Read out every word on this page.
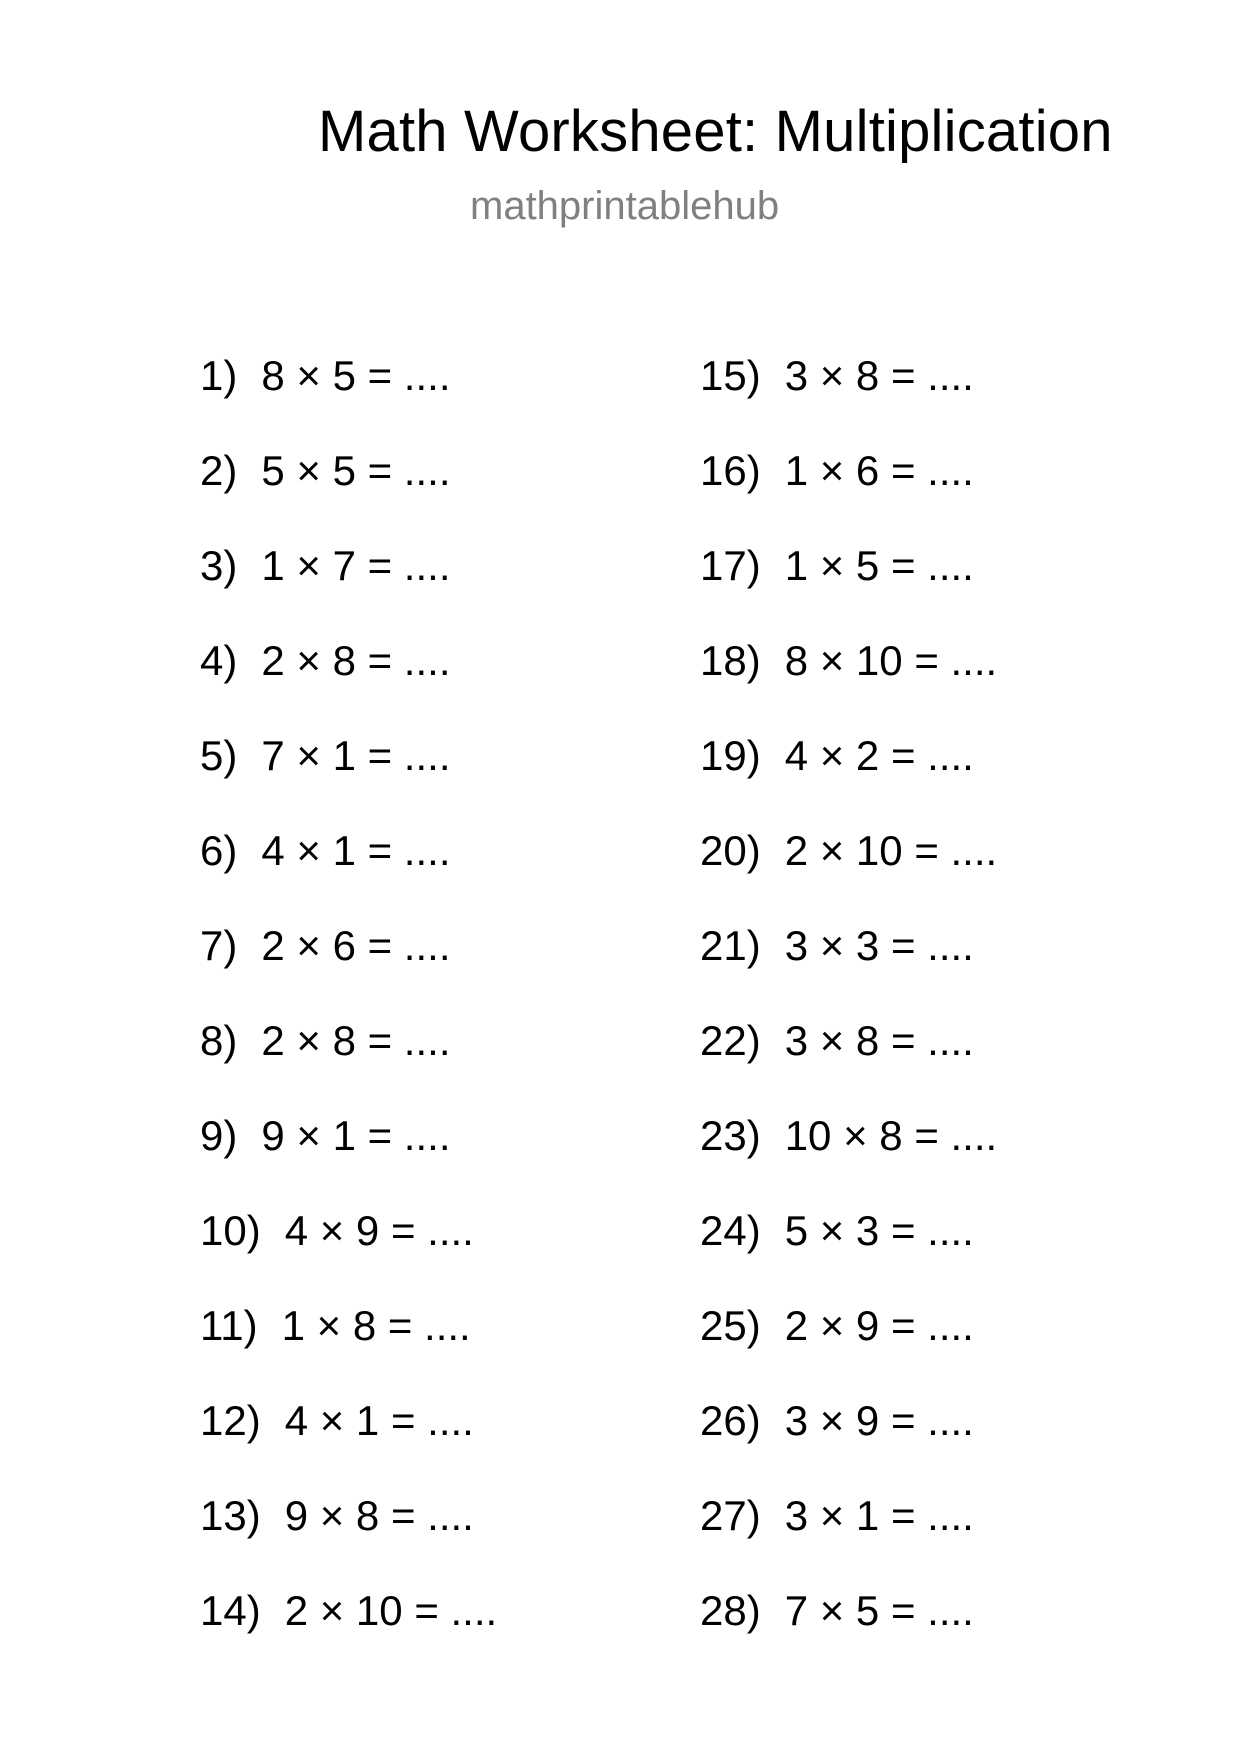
Math Worksheet: Multiplication
mathprintablehub
1) 8 × 5 = ....
2) 5 × 5 = ....
3) 1 × 7 = ....
4) 2 × 8 = ....
5) 7 × 1 = ....
6) 4 × 1 = ....
7) 2 × 6 = ....
8) 2 × 8 = ....
9) 9 × 1 = ....
10) 4 × 9 = ....
11) 1 × 8 = ....
12) 4 × 1 = ....
13) 9 × 8 = ....
14) 2 × 10 = ....
15) 3 × 8 = ....
16) 1 × 6 = ....
17) 1 × 5 = ....
18) 8 × 10 = ....
19) 4 × 2 = ....
20) 2 × 10 = ....
21) 3 × 3 = ....
22) 3 × 8 = ....
23) 10 × 8 = ....
24) 5 × 3 = ....
25) 2 × 9 = ....
26) 3 × 9 = ....
27) 3 × 1 = ....
28) 7 × 5 = ....
